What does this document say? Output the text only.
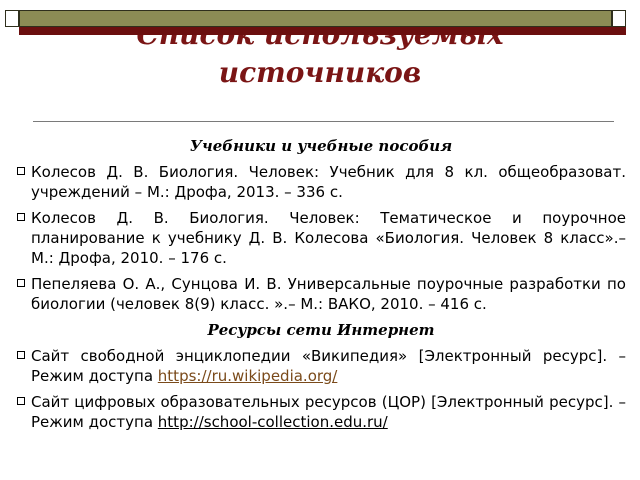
источников
Учебники и учебные пособия
Колесов Д. В. Биология. Человек: Учебник для 8 кл. общеобразоват. учреждений – М.: Дрофа, 2013. – 336 с.
Колесов Д. В. Биология. Человек: Тематическое и поурочное планирование к учебнику Д. В. Колесова «Биология. Человек 8 класс».– М.: Дрофа, 2010. – 176 с.
Пепеляева О. А., Сунцова И. В. Универсальные поурочные разработки по биологии (человек 8(9) класс. ».– М.: ВАКО, 2010. – 416 с.
Ресурсы сети Интернет
Сайт свободной энциклопедии «Википедия» [Электронный ресурс]. – Режим доступа https://ru.wikipedia.org/
Сайт цифровых образовательных ресурсов (ЦОР) [Электронный ресурс]. – Режим доступа http://school-collection.edu.ru/
